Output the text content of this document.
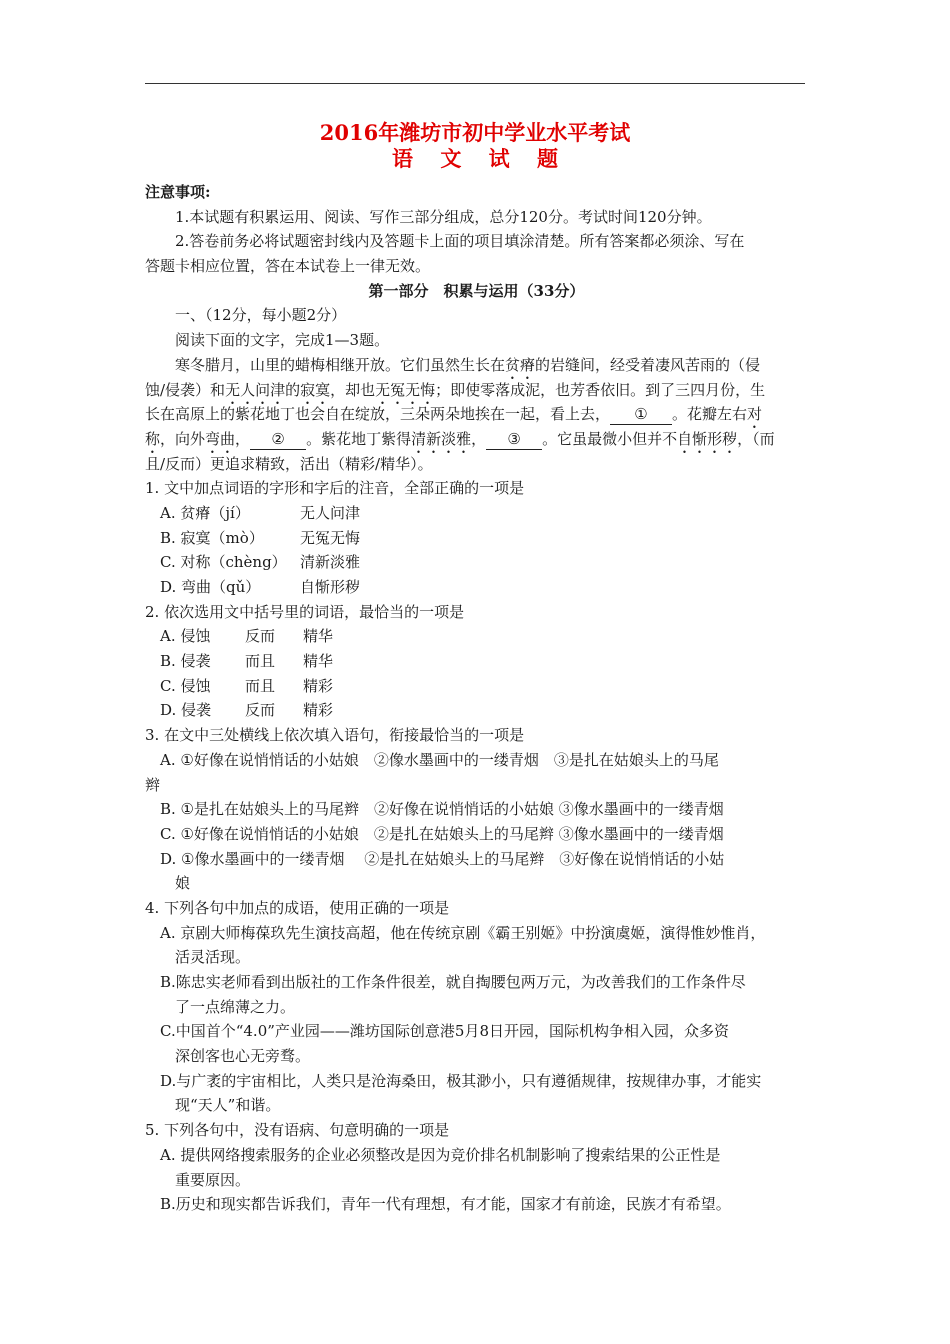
2016年潍坊市初中学业水平考试
语 文 试 题
注意事项:
1.本试题有积累运用、阅读、写作三部分组成，总分120分。考试时间120分钟。
2.答卷前务必将试题密封线内及答题卡上面的项目填涂清楚。所有答案都必须涂、写在
答题卡相应位置，答在本试卷上一律无效。
第一部分　积累与运用（33分）
一、（12分，每小题2分）
阅读下面的文字，完成1—3题。
寒冬腊月，山里的蜡梅相继开放。它们虽然生长在贫瘠的岩缝间，经受着凄风苦雨的（侵
蚀/侵袭）和无人问津的寂寞，却也无冤无悔；即使零落成泥，也芳香依旧。到了三四月份，生
长在高原上的紫花地丁也会自在绽放，三朵两朵地挨在一起，看上去， ① 。花瓣左右对
称，向外弯曲， ② 。紫花地丁紫得清新淡雅， ③ 。它虽最微小但并不自惭形秽，（而
且/反而）更追求精致，活出（精彩/精华）。
1. 文中加点词语的字形和字后的注音，全部正确的一项是
A. 贫瘠（jí）	无人问津
B. 寂寞（mò） 无冤无悔
C. 对称（chèng） 清新淡雅
D. 弯曲（qǔ）	自惭形秽
2. 依次选用文中括号里的词语，最恰当的一项是
A. 侵蚀 反而 精华
B. 侵袭 而且 精华
C. 侵蚀 而且 精彩
D. 侵袭 反而 精彩
3. 在文中三处横线上依次填入语句，衔接最恰当的一项是
A. ①好像在说悄悄话的小姑娘　②像水墨画中的一缕青烟　③是扎在姑娘头上的马尾
辫
B. ①是扎在姑娘头上的马尾辫　②好像在说悄悄话的小姑娘 ③像水墨画中的一缕青烟
C. ①好像在说悄悄话的小姑娘　②是扎在姑娘头上的马尾辫 ③像水墨画中的一缕青烟
D. ①像水墨画中的一缕青烟　 ②是扎在姑娘头上的马尾辫　③好像在说悄悄话的小姑
娘
4. 下列各句中加点的成语，使用正确的一项是
A. 京剧大师梅葆玖先生演技高超，他在传统京剧《霸王别姬》中扮演虞姬，演得惟妙惟肖，
活灵活现。
B.陈忠实老师看到出版社的工作条件很差，就自掏腰包两万元，为改善我们的工作条件尽
了一点绵薄之力。
C.中国首个“4.0”产业园——潍坊国际创意港5月8日开园，国际机构争相入园，众多资
深创客也心无旁骛。
D.与广袤的宇宙相比，人类只是沧海桑田，极其渺小，只有遵循规律，按规律办事，才能实
现“天人”和谐。
5. 下列各句中，没有语病、句意明确的一项是
A. 提供网络搜索服务的企业必须整改是因为竞价排名机制影响了搜索结果的公正性是
重要原因。
B.历史和现实都告诉我们，青年一代有理想，有才能，国家才有前途，民族才有希望。
